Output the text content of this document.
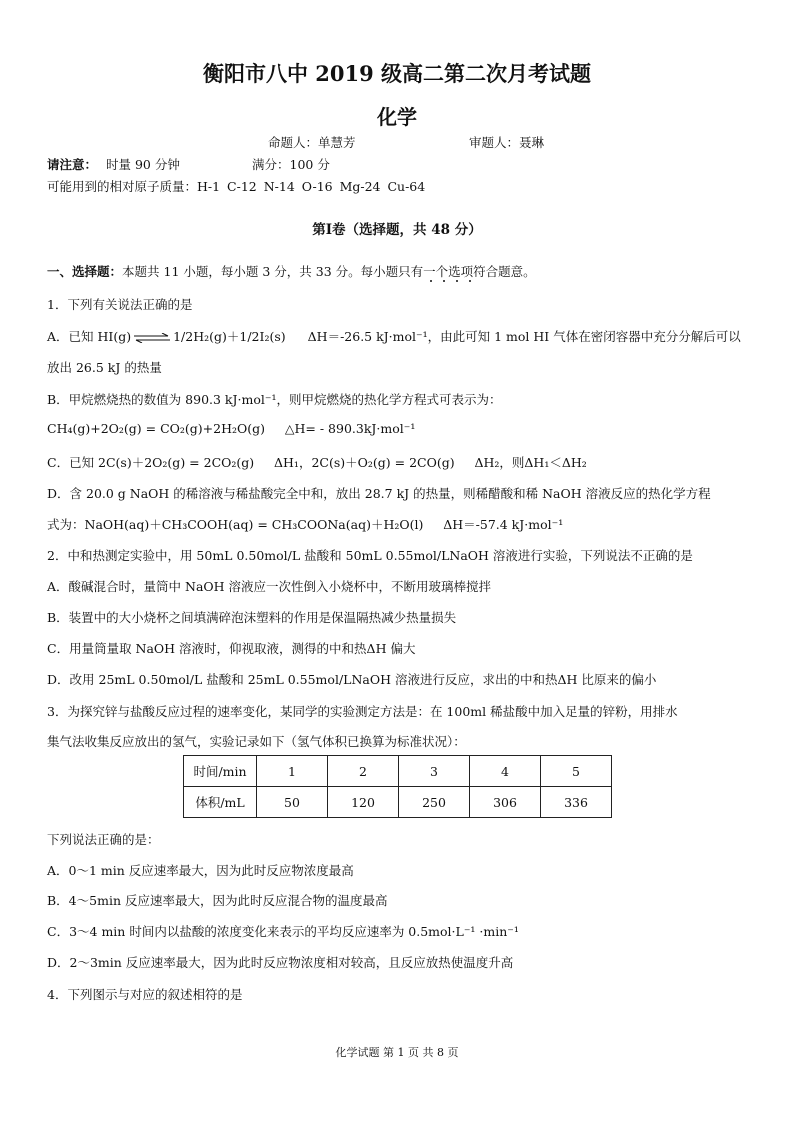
衡阳市八中 2019 级高二第二次月考试题
化学
命题人：单慧芳	审题人：聂琳
请注意： 时量 90 分钟	满分：100 分
可能用到的相对原子质量：H-1 C-12 N-14 O-16 Mg-24 Cu-64
第Ⅰ卷（选择题，共 48 分）
一、选择题：本题共 11 小题，每小题 3 分，共 33 分。每小题只有一个选项符合题意。
1．下列有关说法正确的是
A．已知 HI(g) ⇌ 1/2H₂(g)＋1/2I₂(s) ΔH＝-26.5 kJ·mol⁻¹，由此可知 1 mol HI 气体在密闭容器中充分分解后可以
放出 26.5 kJ 的热量
B．甲烷燃烧热的数值为 890.3 kJ·mol⁻¹，则甲烷燃烧的热化学方程式可表示为：
CH₄(g)+2O₂(g) = CO₂(g)+2H₂O(g)     △H= - 890.3kJ·mol⁻¹
C．已知 2C(s)＋2O₂(g) = 2CO₂(g)     ΔH₁，2C(s)＋O₂(g) = 2CO(g)     ΔH₂，则ΔH₁＜ΔH₂
D．含 20.0 g NaOH 的稀溶液与稀盐酸完全中和，放出 28.7 kJ 的热量，则稀醋酸和稀 NaOH 溶液反应的热化学方程
式为：NaOH(aq)＋CH₃COOH(aq) = CH₃COONa(aq)＋H₂O(l)     ΔH＝-57.4 kJ·mol⁻¹
2．中和热测定实验中，用 50mL 0.50mol/L 盐酸和 50mL 0.55mol/LNaOH 溶液进行实验，下列说法不正确的是
A．酸碱混合时，量筒中 NaOH 溶液应一次性倒入小烧杯中，不断用玻璃棒搅拌
B．装置中的大小烧杯之间填满碎泡沫塑料的作用是保温隔热减少热量损失
C．用量筒量取 NaOH 溶液时，仰视取液，测得的中和热ΔH 偏大
D．改用 25mL 0.50mol/L 盐酸和 25mL 0.55mol/LNaOH 溶液进行反应，求出的中和热ΔH 比原来的偏小
3．为探究锌与盐酸反应过程的速率变化，某同学的实验测定方法是：在 100ml 稀盐酸中加入足量的锌粉，用排水
集气法收集反应放出的氢气，实验记录如下（氢气体积已换算为标准状况）：
时间/min	1	2	3	4	5
体积/mL	50	120	250	306	336
下列说法正确的是：
A．0～1 min 反应速率最大，因为此时反应物浓度最高
B．4～5min 反应速率最大，因为此时反应混合物的温度最高
C．3～4 min 时间内以盐酸的浓度变化来表示的平均反应速率为 0.5mol·L⁻¹ ·min⁻¹
D．2～3min 反应速率最大，因为此时反应物浓度相对较高，且反应放热使温度升高
4．下列图示与对应的叙述相符的是
化学试题 第 1 页 共 8 页
